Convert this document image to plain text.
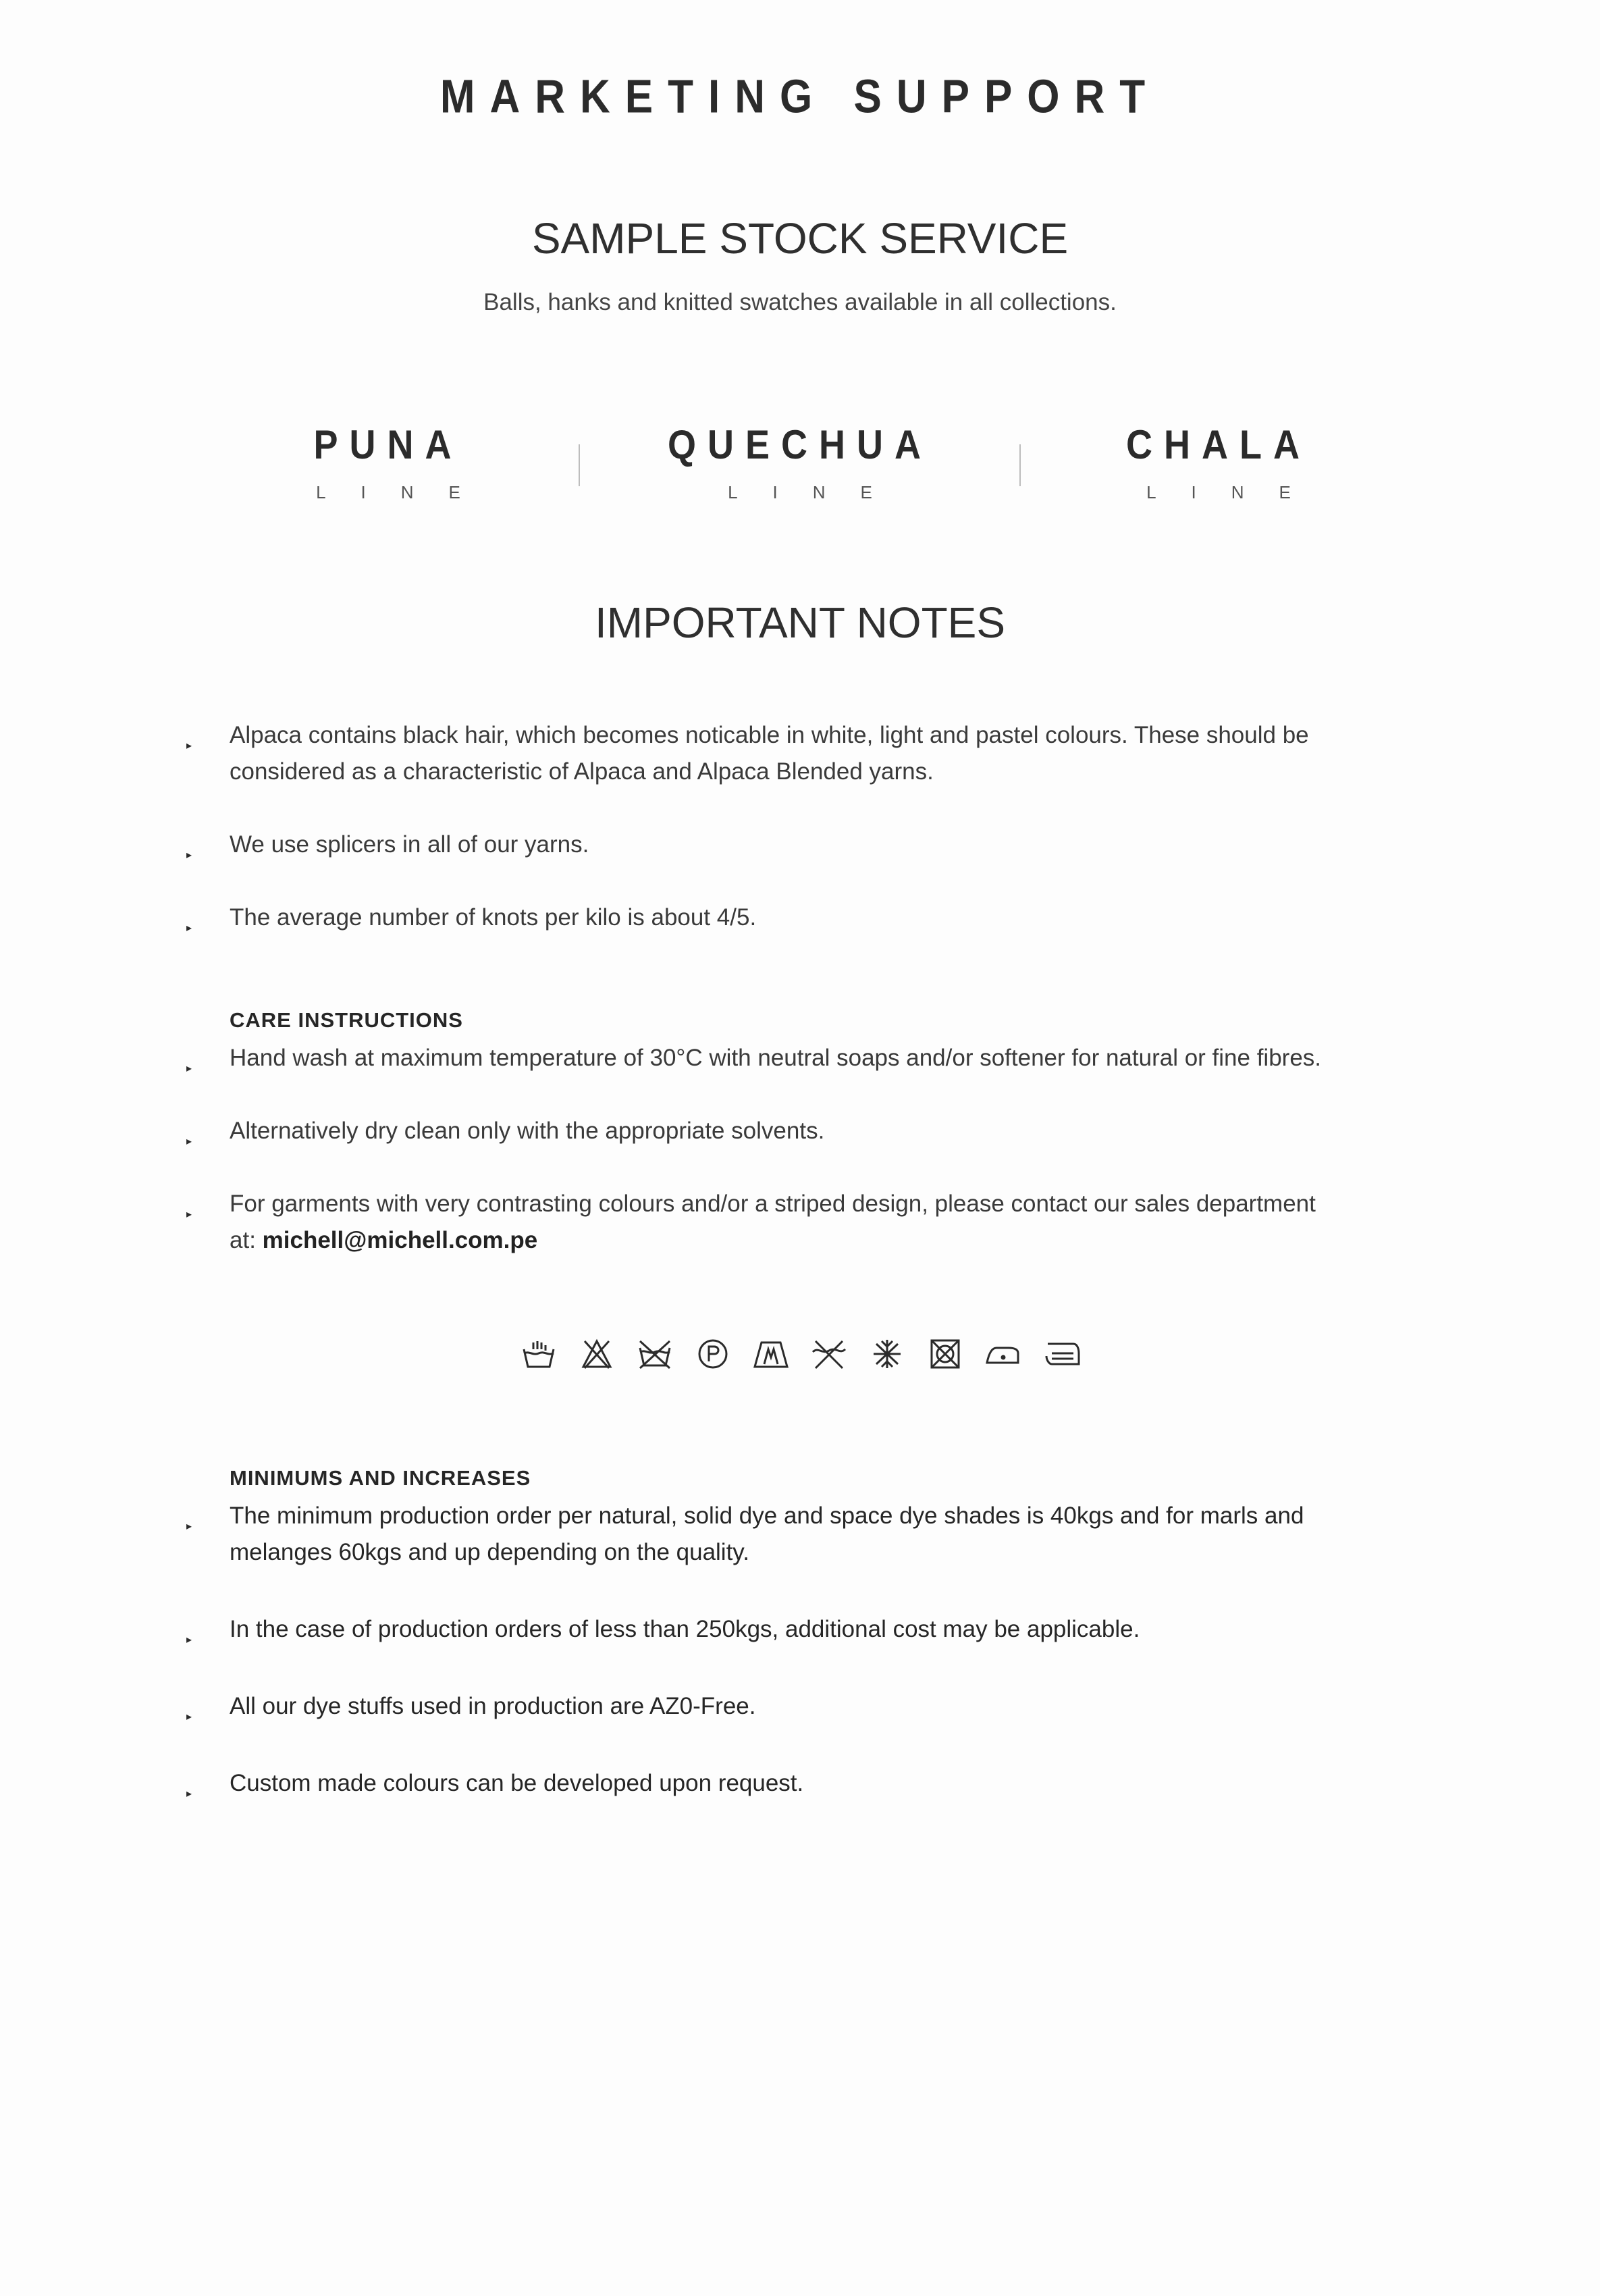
MARKETING SUPPORT
SAMPLE STOCK SERVICE
Balls, hanks and knitted swatches available in all collections.
PUNA
LINE
QUECHUA
LINE
CHALA
LINE
IMPORTANT NOTES
▸ Alpaca contains black hair, which becomes noticable in white, light and pastel colours. These should be considered as a characteristic of Alpaca and Alpaca Blended yarns.
▸ We use splicers in all of our yarns.
▸ The average number of knots per kilo is about 4/5.
CARE INSTRUCTIONS
▸ Hand wash at maximum temperature of 30°C with neutral soaps and/or softener for natural or fine fibres.
▸ Alternatively dry clean only with the appropriate solvents.
▸ For garments with very contrasting colours and/or a striped design, please contact our sales department
at: michell@michell.com.pe
MINIMUMS AND INCREASES
▸ The minimum production order per natural, solid dye and space dye shades is 40kgs and for marls and melanges 60kgs and up depending on the quality.
▸ In the case of production orders of less than 250kgs, additional cost may be applicable.
▸ All our dye stuffs used in production are AZ0-Free.
▸ Custom made colours can be developed upon request.
